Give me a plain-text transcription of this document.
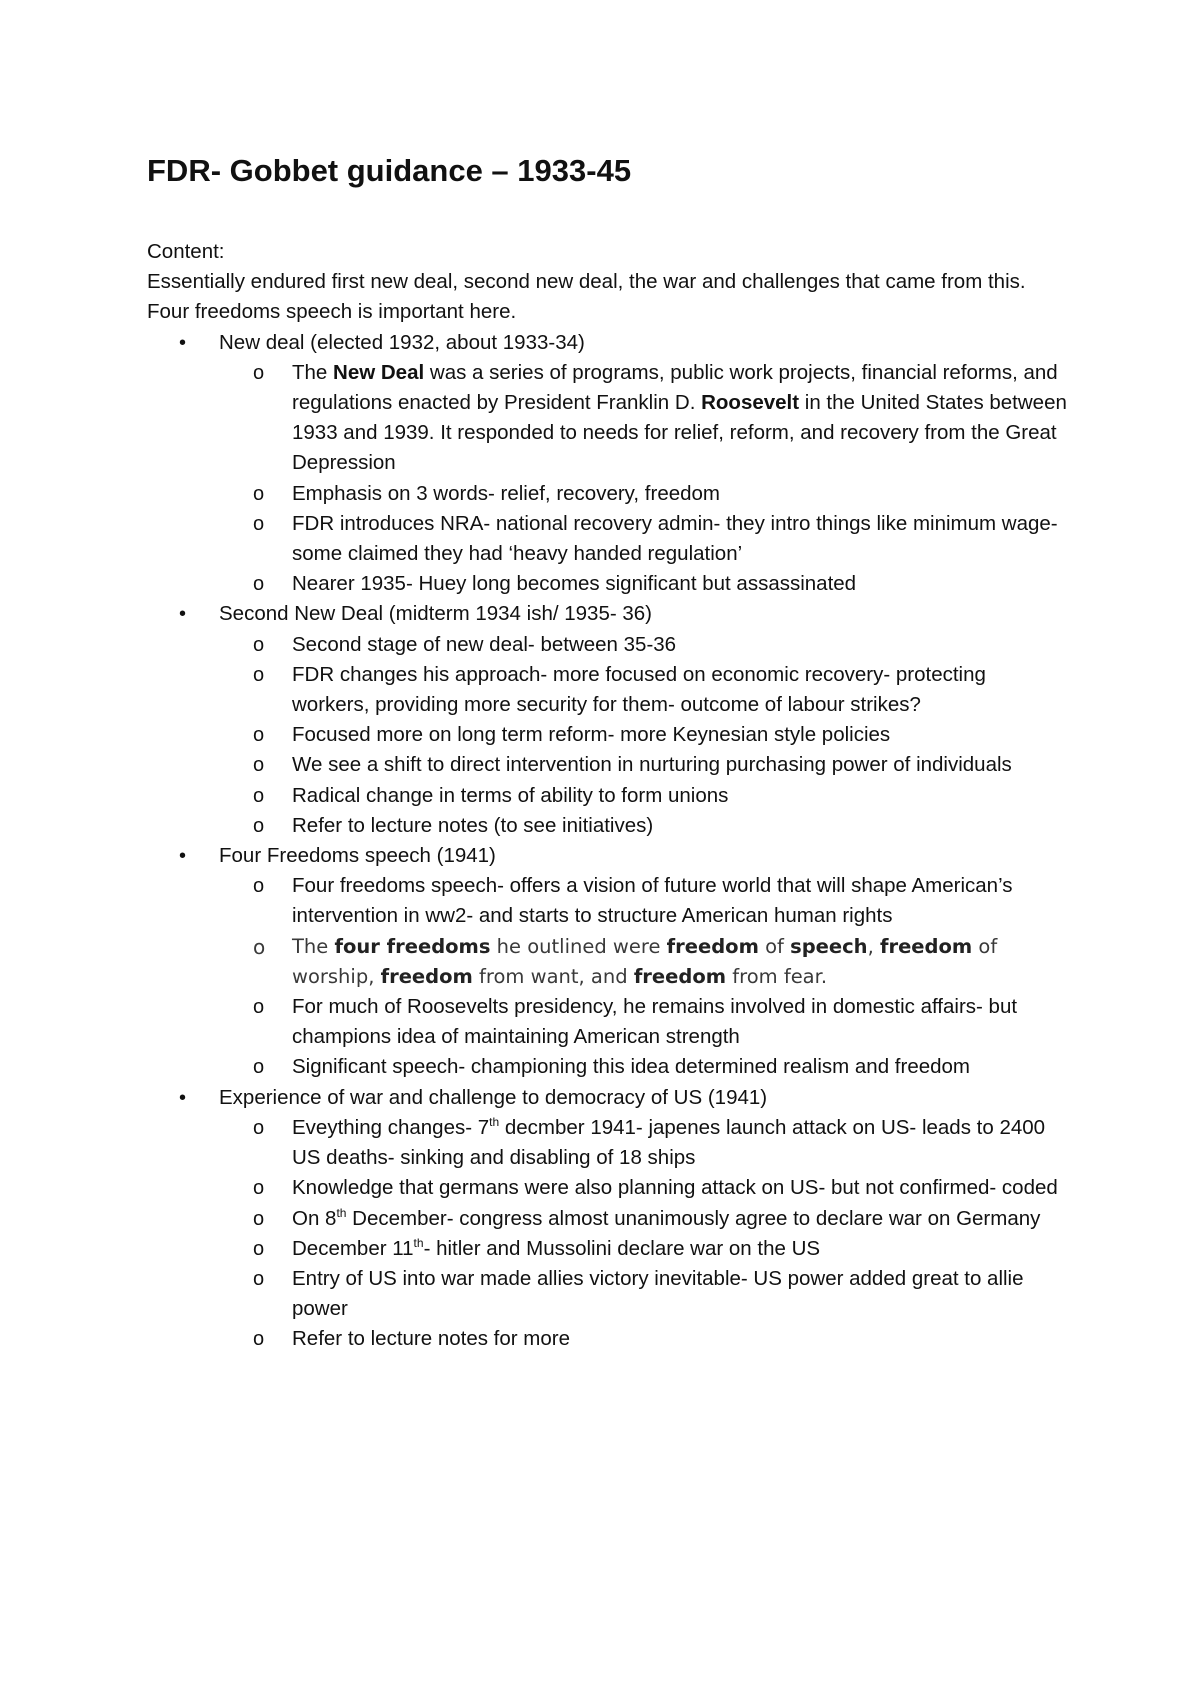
FDR- Gobbet guidance – 1933-45

Content:

Essentially endured first new deal, second new deal, the war and challenges that came from this. Four freedoms speech is important here.

• New deal (elected 1932, about 1933-34)
o The New Deal was a series of programs, public work projects, financial reforms, and regulations enacted by President Franklin D. Roosevelt in the United States between 1933 and 1939. It responded to needs for relief, reform, and recovery from the Great Depression
o Emphasis on 3 words- relief, recovery, freedom
o FDR introduces NRA- national recovery admin- they intro things like minimum wage- some claimed they had ‘heavy handed regulation’
o Nearer 1935- Huey long becomes significant but assassinated
• Second New Deal (midterm 1934 ish/ 1935- 36)
o Second stage of new deal- between 35-36
o FDR changes his approach- more focused on economic recovery- protecting workers, providing more security for them- outcome of labour strikes?
o Focused more on long term reform- more Keynesian style policies
o We see a shift to direct intervention in nurturing purchasing power of individuals
o Radical change in terms of ability to form unions
o Refer to lecture notes (to see initiatives)
• Four Freedoms speech (1941)
o Four freedoms speech- offers a vision of future world that will shape American’s intervention in ww2- and starts to structure American human rights
o The four freedoms he outlined were freedom of speech, freedom of worship, freedom from want, and freedom from fear.
o For much of Roosevelts presidency, he remains involved in domestic affairs- but champions idea of maintaining American strength
o Significant speech- championing this idea determined realism and freedom
• Experience of war and challenge to democracy of US (1941)
o Eveything changes- 7th decmber 1941- japenes launch attack on US- leads to 2400 US deaths- sinking and disabling of 18 ships
o Knowledge that germans were also planning attack on US- but not confirmed- coded
o On 8th December- congress almost unanimously agree to declare war on Germany
o December 11th- hitler and Mussolini declare war on the US
o Entry of US into war made allies victory inevitable- US power added great to allie power
o Refer to lecture notes for more
